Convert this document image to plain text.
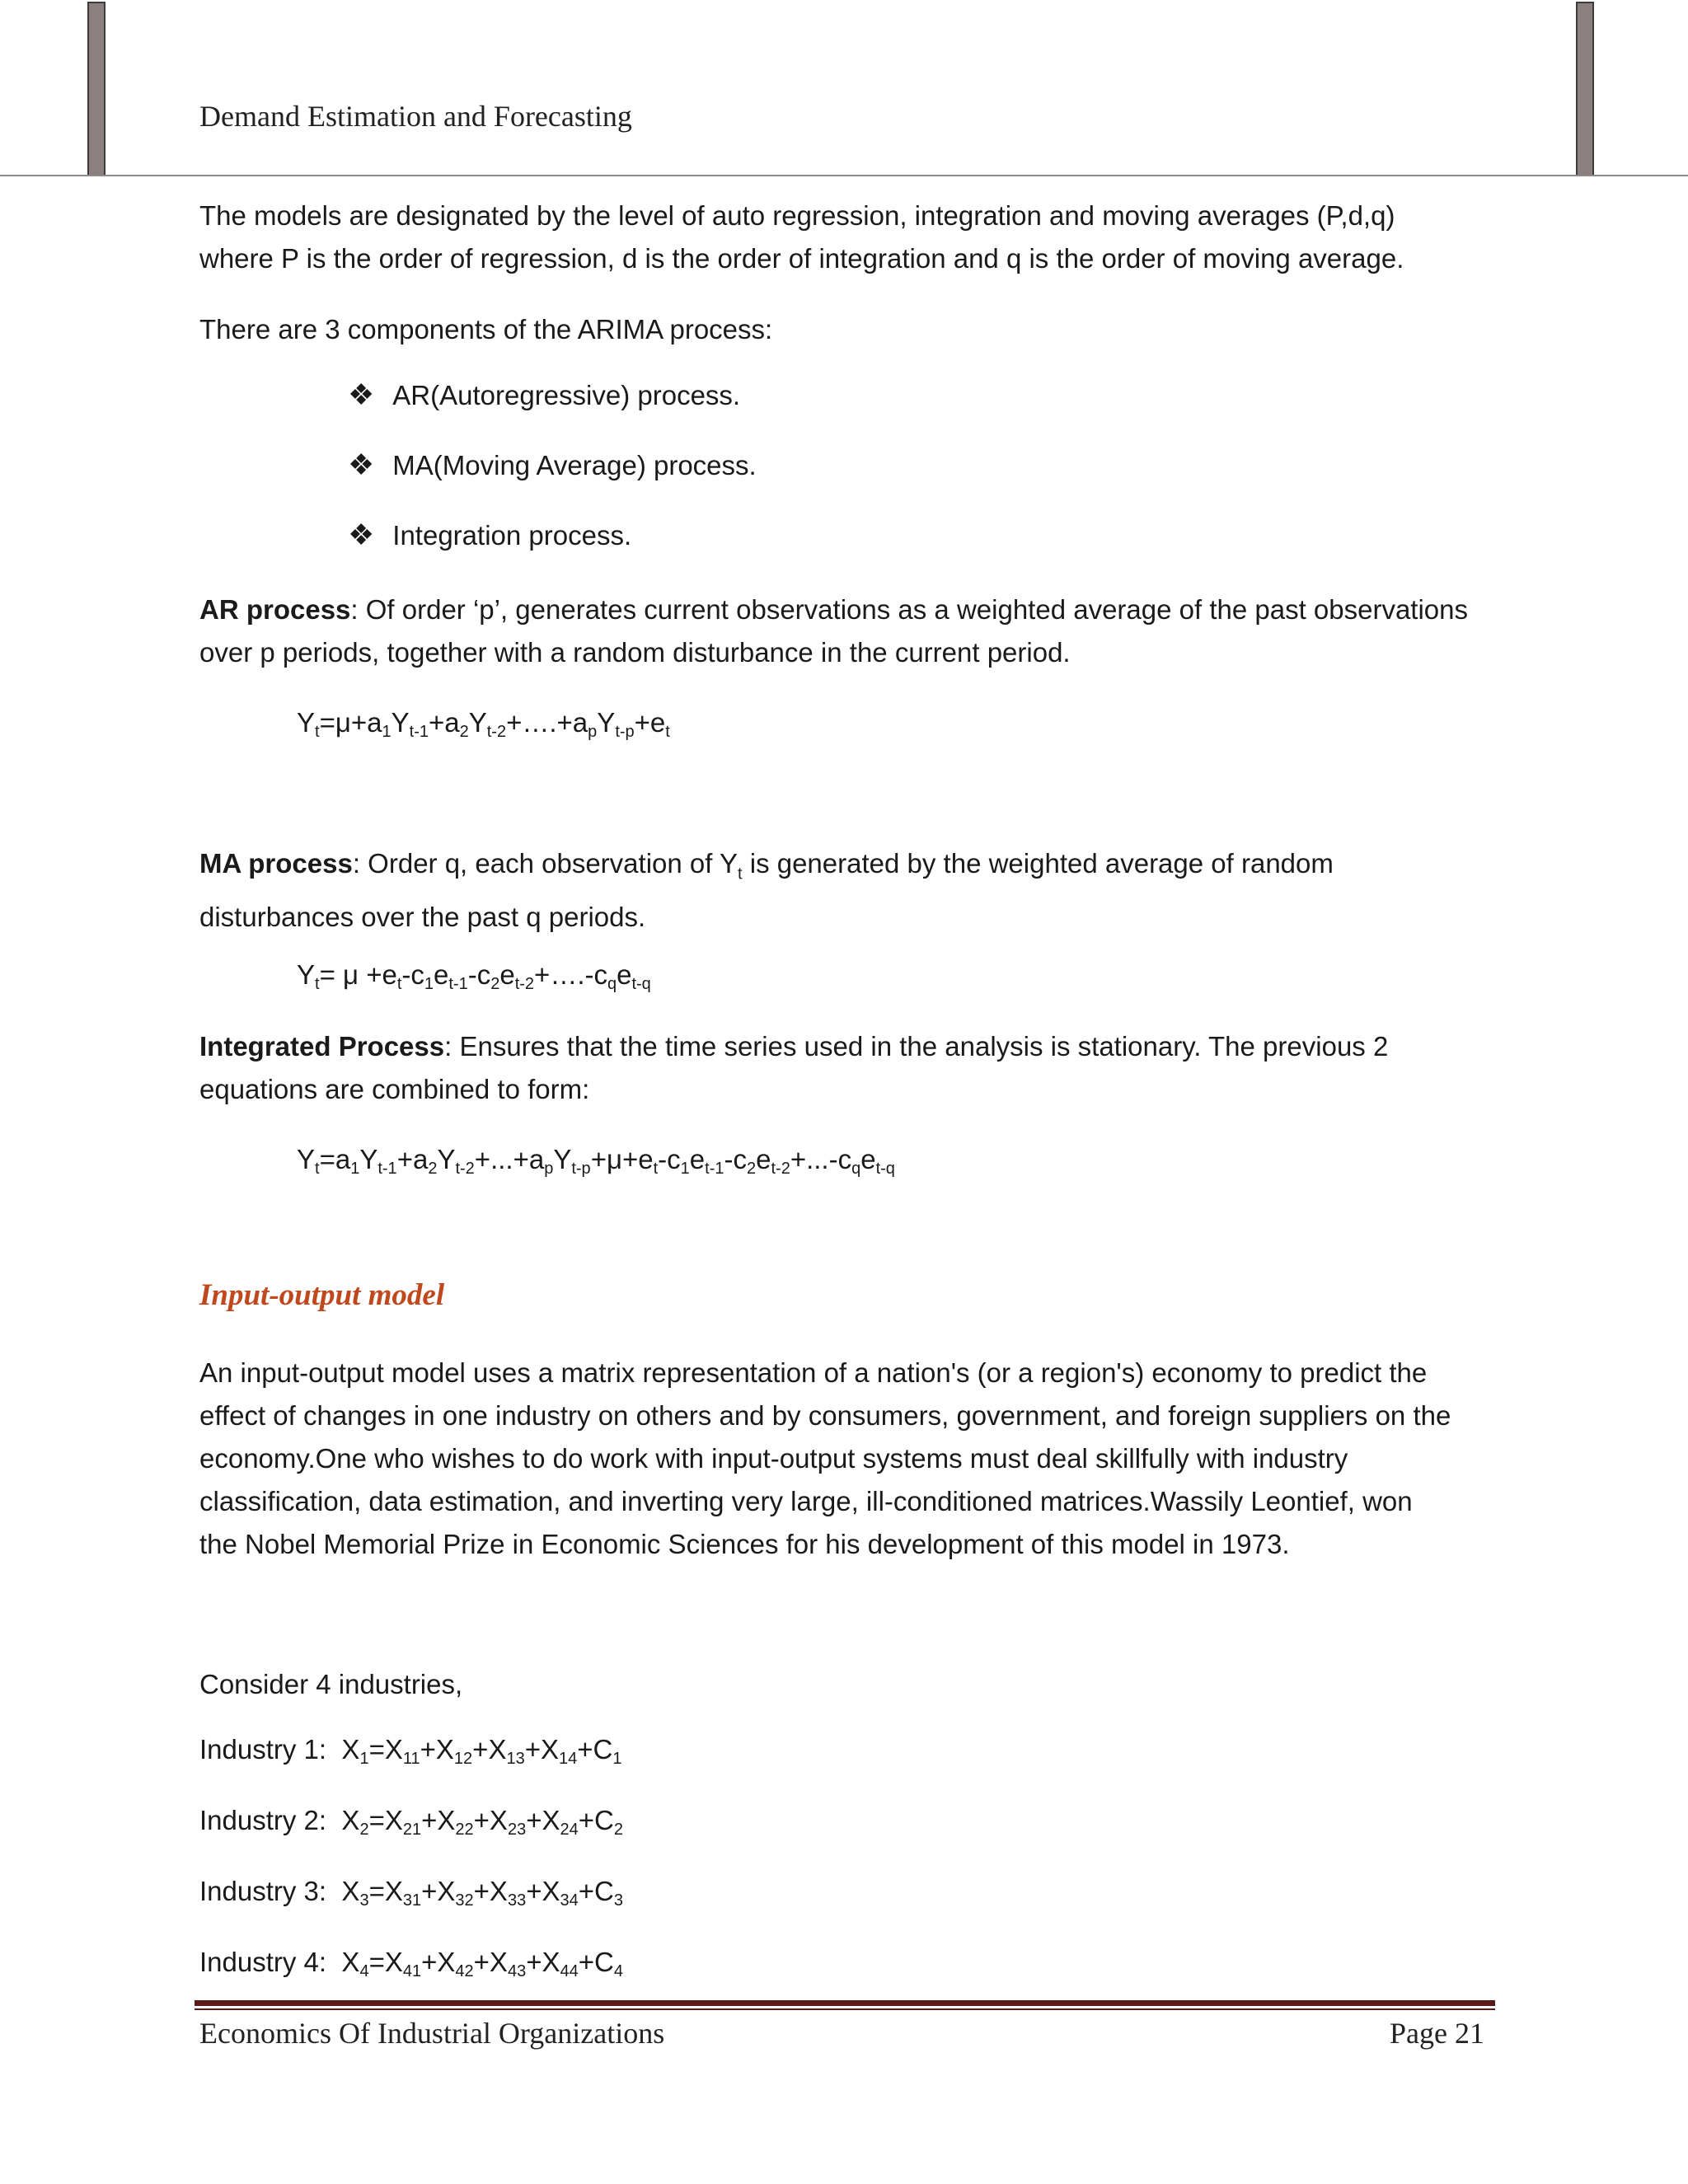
Demand Estimation and Forecasting
The models are designated by the level of auto regression, integration and moving averages (P,d,q)
where P is the order of regression, d is the order of integration and q is the order of moving average.
There are 3 components of the ARIMA process:
❖ AR(Autoregressive) process.
❖ MA(Moving Average) process.
❖ Integration process.
AR process: Of order ‘p’, generates current observations as a weighted average of the past observations
over p periods, together with a random disturbance in the current period.
$Y_t=\mu+a_1Y_{t-1}+a_2Y_{t-2}+\dots.+a_pY_{t-p}+e_t$
MA process: Order q, each observation of $Y_t$ is generated by the weighted average of random
disturbances over the past q periods.
$Y_t= \mu$ $+e_t-c_1e_{t-1}-c_2e_{t-2}+\dots.-c_qe_{t-q}$
Integrated Process: Ensures that the time series used in the analysis is stationary. The previous 2
equations are combined to form:
$Y_t=a_1Y_{t-1}+a_2Y_{t-2}+...+a_pY_{t-p}+\mu+e_t-c_1e_{t-1}-c_2e_{t-2}+...-c_qe_{t-q}$
Input-output model
An input-output model uses a matrix representation of a nation's (or a region's) economy to predict the
effect of changes in one industry on others and by consumers, government, and foreign suppliers on the
economy.One who wishes to do work with input-output systems must deal skillfully with industry
classification, data estimation, and inverting very large, ill-conditioned matrices.Wassily Leontief, won
the Nobel Memorial Prize in Economic Sciences for his development of this model in 1973.
Consider 4 industries,
Industry 1:  $X_1=X_{11}+X_{12}+X_{13}+X_{14}+C_1$
Industry 2:  $X_2=X_{21}+X_{22}+X_{23}+X_{24}+C_2$
Industry 3:  $X_3=X_{31}+X_{32}+X_{33}+X_{34}+C_3$
Industry 4:  $X_4=X_{41}+X_{42}+X_{43}+X_{44}+C_4$
Economics Of Industrial Organizations	Page 21
